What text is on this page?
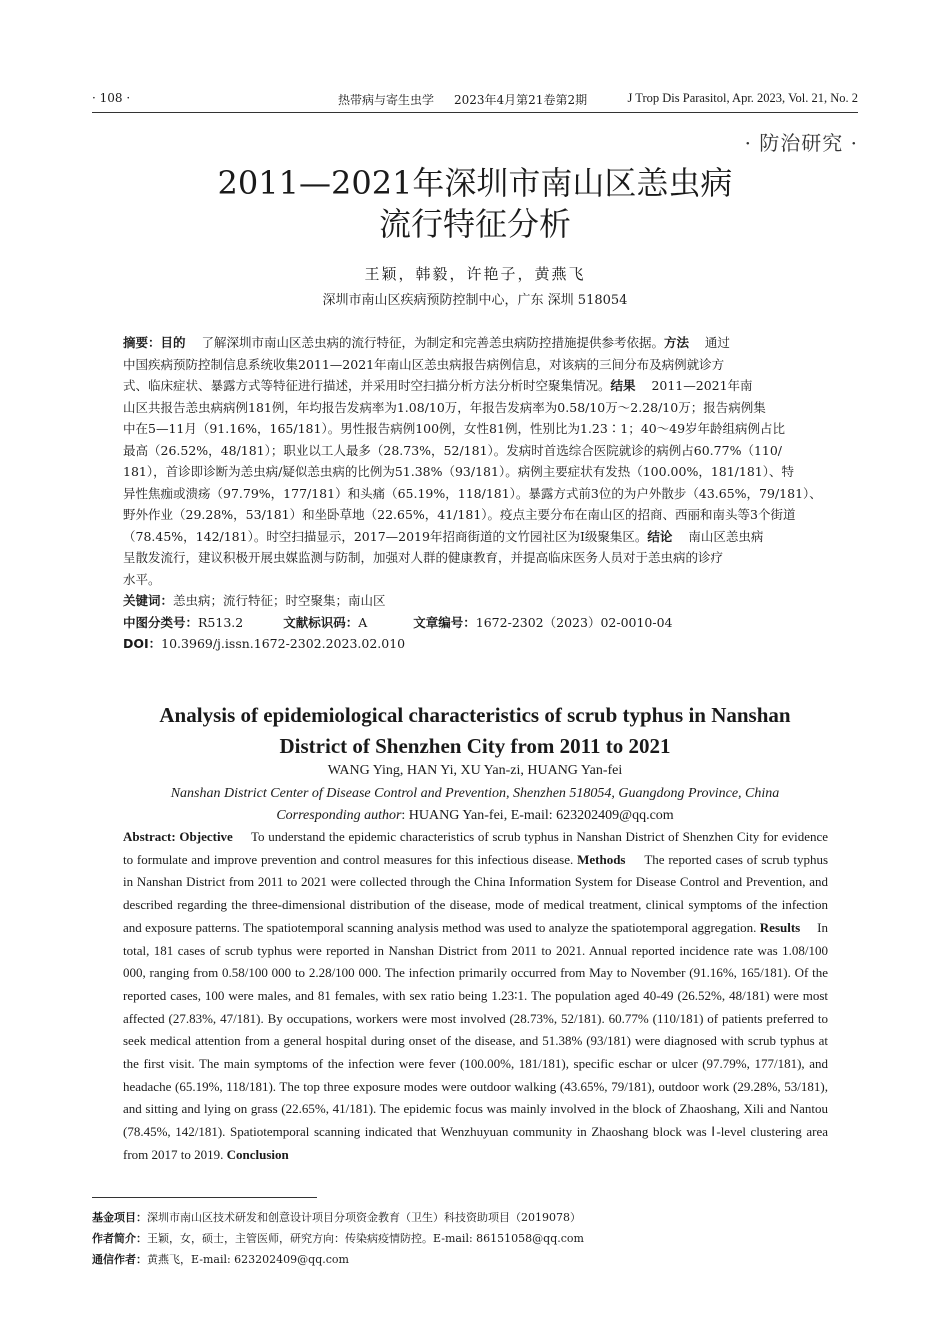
· 108 ·	热带病与寄生虫学 2023年4月第21卷第2期	J Trop Dis Parasitol, Apr. 2023, Vol. 21, No. 2
· 防治研究 ·
2011—2021年深圳市南山区恙虫病
流行特征分析
王颖，韩毅，许艳子，黄燕飞
深圳市南山区疾病预防控制中心，广东 深圳 518054
摘要：目的 了解深圳市南山区恙虫病的流行特征，为制定和完善恙虫病防控措施提供参考依据。方法 通过
中国疾病预防控制信息系统收集2011—2021年南山区恙虫病报告病例信息，对该病的三间分布及病例就诊方
式、临床症状、暴露方式等特征进行描述，并采用时空扫描分析方法分析时空聚集情况。结果 2011—2021年南
山区共报告恙虫病病例181例，年均报告发病率为1.08/10万，年报告发病率为0.58/10万～2.28/10万；报告病例集
中在5—11月（91.16%，165/181）。男性报告病例100例，女性81例，性别比为1.23∶1；40～49岁年龄组病例占比
最高（26.52%，48/181）；职业以工人最多（28.73%，52/181）。发病时首选综合医院就诊的病例占60.77%（110/
181），首诊即诊断为恙虫病/疑似恙虫病的比例为51.38%（93/181）。病例主要症状有发热（100.00%，181/181）、特
异性焦痂或溃疡（97.79%，177/181）和头痛（65.19%，118/181）。暴露方式前3位的为户外散步（43.65%，79/181）、
野外作业（29.28%，53/181）和坐卧草地（22.65%，41/181）。疫点主要分布在南山区的招商、西丽和南头等3个街道
（78.45%，142/181）。时空扫描显示，2017—2019年招商街道的文竹园社区为Ⅰ级聚集区。结论 南山区恙虫病
呈散发流行，建议积极开展虫媒监测与防制，加强对人群的健康教育，并提高临床医务人员对于恙虫病的诊疗
水平。
关键词：恙虫病；流行特征；时空聚集；南山区
中图分类号：R513.2	文献标识码：A	文章编号：1672-2302（2023）02-0010-04
DOI：10.3969/j.issn.1672-2302.2023.02.010
Analysis of epidemiological characteristics of scrub typhus in Nanshan
District of Shenzhen City from 2011 to 2021
WANG Ying, HAN Yi, XU Yan-zi, HUANG Yan-fei
Nanshan District Center of Disease Control and Prevention, Shenzhen 518054, Guangdong Province, China
Corresponding author: HUANG Yan-fei, E-mail: 623202409@qq.com
Abstract: Objective To understand the epidemic characteristics of scrub typhus in Nanshan District of Shenzhen City for evidence to formulate and improve prevention and control measures for this infectious disease. Methods The reported cases of scrub typhus in Nanshan District from 2011 to 2021 were collected through the China Information System for Disease Control and Prevention, and described regarding the three-dimensional distribution of the disease, mode of medical treatment, clinical symptoms of the infection and exposure patterns. The spatiotemporal scanning analysis method was used to analyze the spatiotemporal aggregation. Results In total, 181 cases of scrub typhus were reported in Nanshan District from 2011 to 2021. Annual reported incidence rate was 1.08/100 000, ranging from 0.58/100 000 to 2.28/100 000. The infection primarily occurred from May to November (91.16%, 165/181). Of the reported cases, 100 were males, and 81 females, with sex ratio being 1.23∶1. The population aged 40-49 (26.52%, 48/181) were most affected (27.83%, 47/181). By occupations, workers were most involved (28.73%, 52/181). 60.77% (110/181) of patients preferred to seek medical attention from a general hospital during onset of the disease, and 51.38% (93/181) were diagnosed with scrub typhus at the first visit. The main symptoms of the infection were fever (100.00%, 181/181), specific eschar or ulcer (97.79%, 177/181), and headache (65.19%, 118/181). The top three exposure modes were outdoor walking (43.65%, 79/181), outdoor work (29.28%, 53/181), and sitting and lying on grass (22.65%, 41/181). The epidemic focus was mainly involved in the block of Zhaoshang, Xili and Nantou (78.45%, 142/181). Spatiotemporal scanning indicated that Wenzhuyuan community in Zhaoshang block was Ⅰ-level clustering area from 2017 to 2019. Conclusion
基金项目：深圳市南山区技术研发和创意设计项目分项资金教育（卫生）科技资助项目（2019078）
作者简介：王颖，女，硕士，主管医师，研究方向：传染病疫情防控。E-mail: 86151058@qq.com
通信作者：黄燕飞，E-mail: 623202409@qq.com
